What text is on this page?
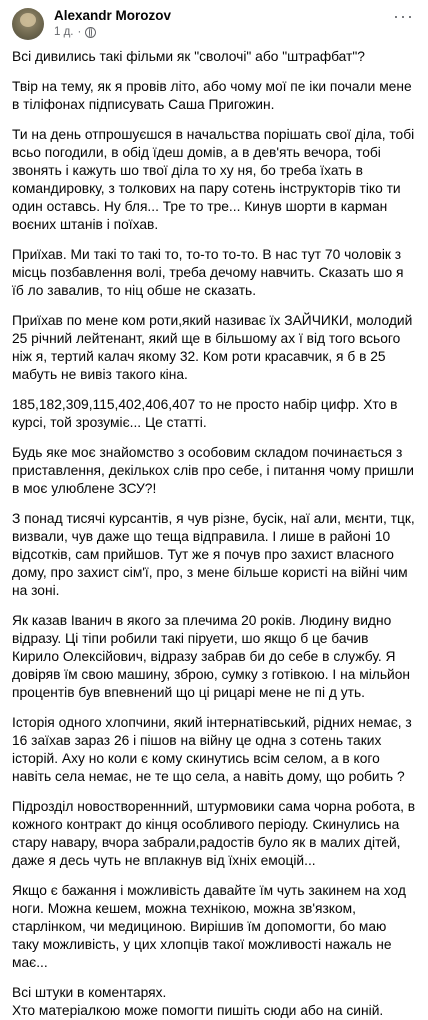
Alexandr Morozov
1 д. ·
···

Всі дивились такі фільми як "сволочі" або "штрафбат"?

Твір на тему, як я провів літо, або чому мої пе іки почали мене в тіліфонах підписувать Саша Пригожин.

Ти на день отпрошуєшся в начальства порішать свої діла, тобі всьо погодили, в обід їдеш домів, а в дев'ять вечора, тобі звонять і кажуть шо твої діла то ху ня, бо треба їхать в командировку, з толкових на пару сотень інструкторів тіко ти один оставсь. Ну бля... Тре то тре... Кинув шорти в карман воєних штанів і поїхав.

Приїхав. Ми такі то такі то, то-то то-то. В нас тут 70 чоловік з місць позбавлення волі, треба дечому навчить. Сказать шо я їб ло завалив, то ніц обше не сказать.

Приїхав по мене ком роти,який називає їх ЗАЙЧИКИ, молодий 25 річний лейтенант, який ще в більшому ах ї від того всього ніж я, тертий калач якому 32. Ком роти красавчик, я б в 25 мабуть не вивіз такого кіна.

185,182,309,115,402,406,407 то не просто набір цифр. Хто в курсі, той зрозуміє... Це статті.

Будь яке моє знайомство з особовим складом починається з приставлення, декількох слів про себе, і питання чому пришли в моє улюблене ЗСУ?!

З понад тисячі курсантів, я чув різне, бусік, наї али, мєнти, тцк, визвали, чув даже що теща відправила. І лише в районі 10 відсотків, сам прийшов. Тут же я почув про захист власного дому, про захист сім'ї, про, з мене більше користі на війні чим на зоні.

Як казав Іванич в якого за плечима 20 років. Людину видно відразу. Ці тіпи робили такі піруети, шо якщо б це бачив Кирило Олексійович, відразу забрав би до себе в службу. Я довіряв їм свою машину, зброю, сумку з готівкою. І на мільйон процентів був впевнений що ці рицарі мене не пі д уть.

Історія одного хлопчини, який інтернатівський, рідних немає, з 16 заїхав зараз 26 і пішов на війну це одна з сотень таких історій. Аху но коли є кому скинутись всім селом, а в кого навіть села немає, не те що села, а навіть дому, що робить ?

Підрозділ новоствореннний, штурмовики сама чорна робота, в кожного контракт до кінця особливого періоду. Скинулись на стару навару, вчора забрали,радостів було як в малих дітей, даже я десь чуть не вплакнув від їхніх емоцій...

Якщо є бажання і можливість давайте їм чуть закинем на ход ноги. Можна кешем, можна технікою, можна зв'язком, старлінком, чи медициною. Вирішив їм допомогти, бо маю таку можливість, у цих хлопців такої можливості нажаль не має...

Всі штуки в коментарях.
Хто матеріалкою може помогти пишіть сюди або на синій.
